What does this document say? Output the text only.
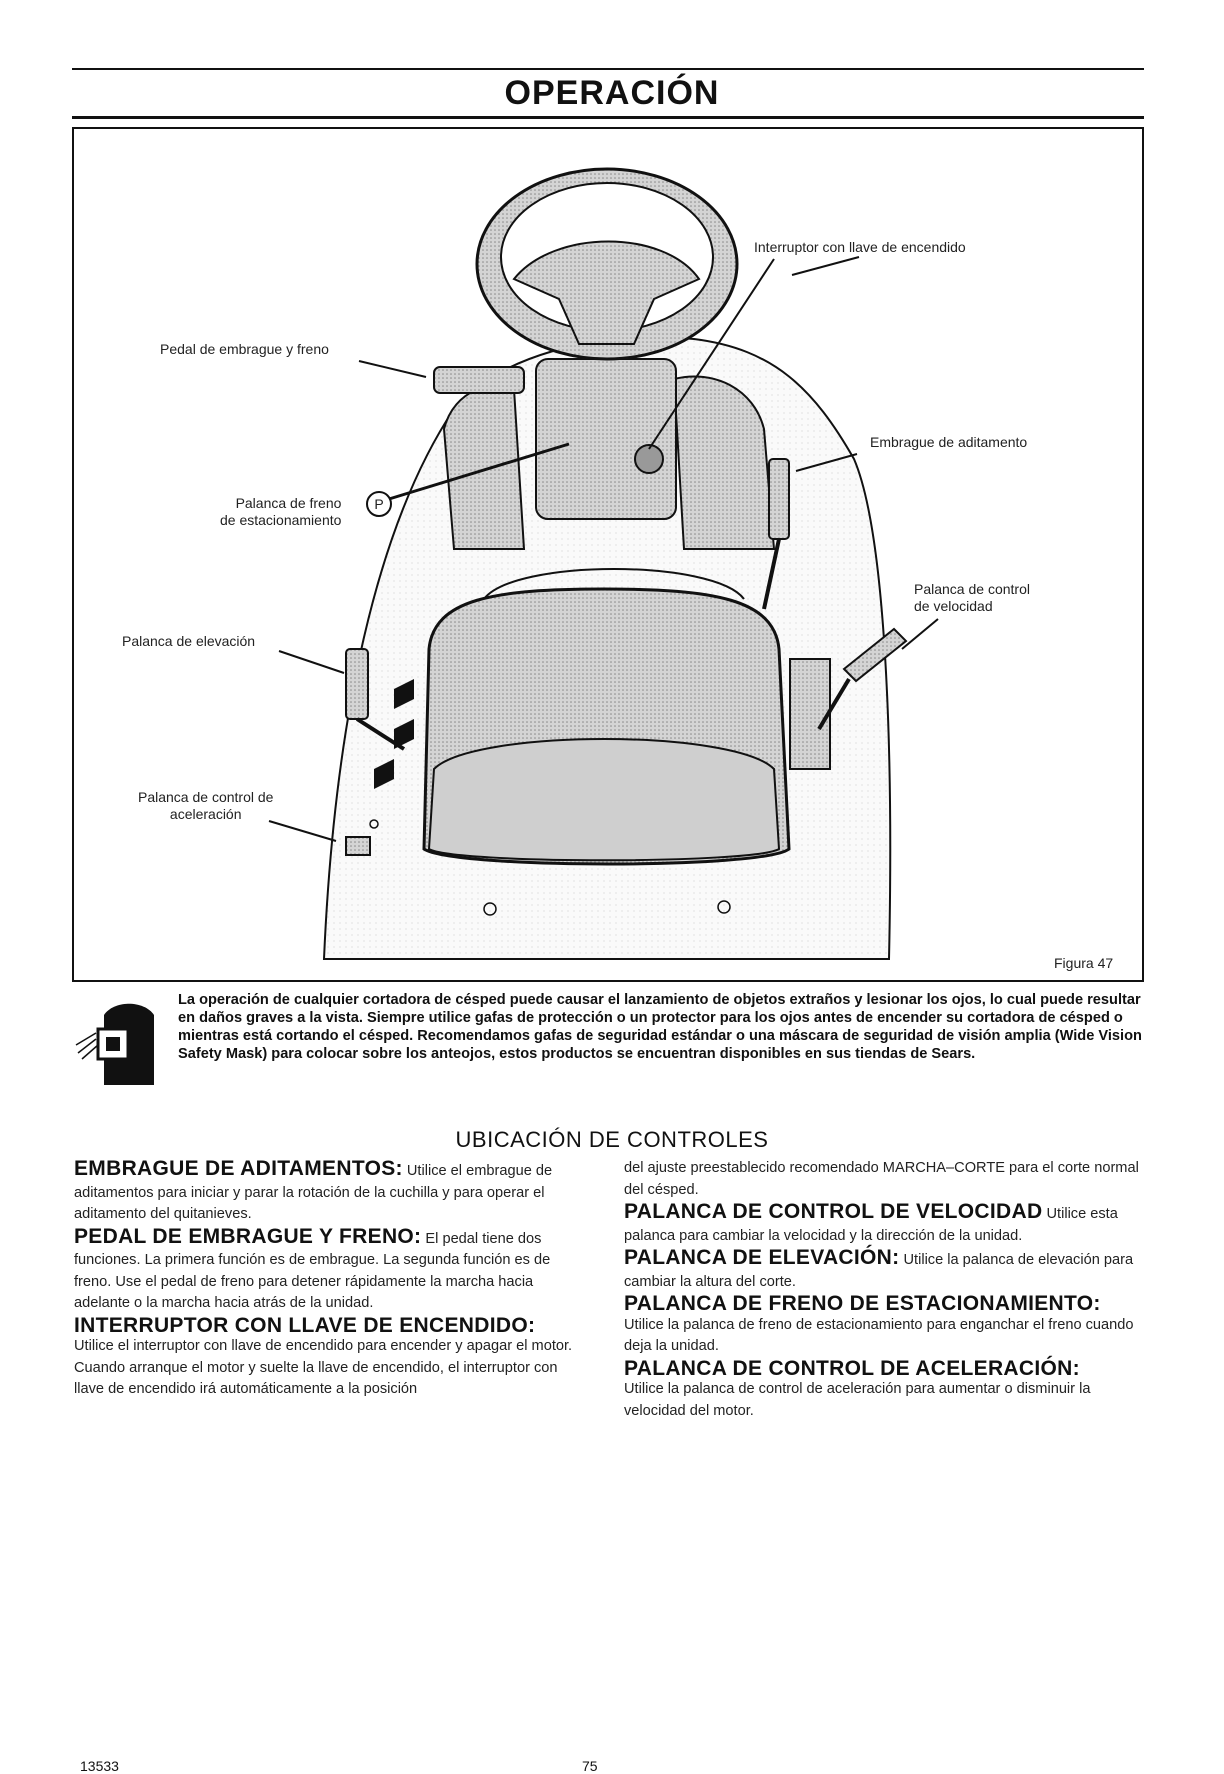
OPERACIÓN
Pedal de embrague y freno
Interruptor con llave de encendido
Embrague de aditamento
Palanca de freno
de estacionamiento
P
Palanca de control
de velocidad
Palanca de elevación
Palanca de control de
aceleración
Figura 47
La operación de cualquier cortadora de césped puede causar el lanzamiento de objetos extraños y lesionar los ojos, lo cual puede resultar en daños graves a la vista. Siempre utilice gafas de protección o un protector para los ojos antes de encender su cortadora de césped o mientras está cortando el césped. Recomendamos gafas de seguridad estándar o una máscara de seguridad de visión amplia (Wide Vision Safety Mask) para colocar sobre los anteojos, estos productos se encuentran disponibles en sus tiendas de Sears.
UBICACIÓN DE CONTROLES

EMBRAGUE DE ADITAMENTOS: Utilice el embrague de aditamentos para iniciar y parar la rotación de la cuchilla y para operar el aditamento del quitanieves.

PEDAL DE EMBRAGUE Y FRENO: El pedal tiene dos funciones. La primera función es de embrague. La segunda función es de freno. Use el pedal de freno para detener rápidamente la marcha hacia adelante o la marcha hacia atrás de la unidad.

INTERRUPTOR CON LLAVE DE ENCENDIDO:

Utilice el interruptor con llave de encendido para encender y apagar el motor. Cuando arranque el motor y suelte la llave de encendido, el interruptor con llave de encendido irá automáticamente a la posición

del ajuste preestablecido recomendado MARCHA–CORTE para el corte normal del césped.

PALANCA DE CONTROL DE VELOCIDAD Utilice esta palanca para cambiar la velocidad y la dirección de la unidad.

PALANCA DE ELEVACIÓN: Utilice la palanca de elevación para cambiar la altura del corte.

PALANCA DE FRENO DE ESTACIONAMIENTO:

Utilice la palanca de freno de estacionamiento para enganchar el freno cuando deja la unidad.

PALANCA DE CONTROL DE ACELERACIÓN:

Utilice la palanca de control de aceleración para aumentar o disminuir la velocidad del motor.

13533	75
